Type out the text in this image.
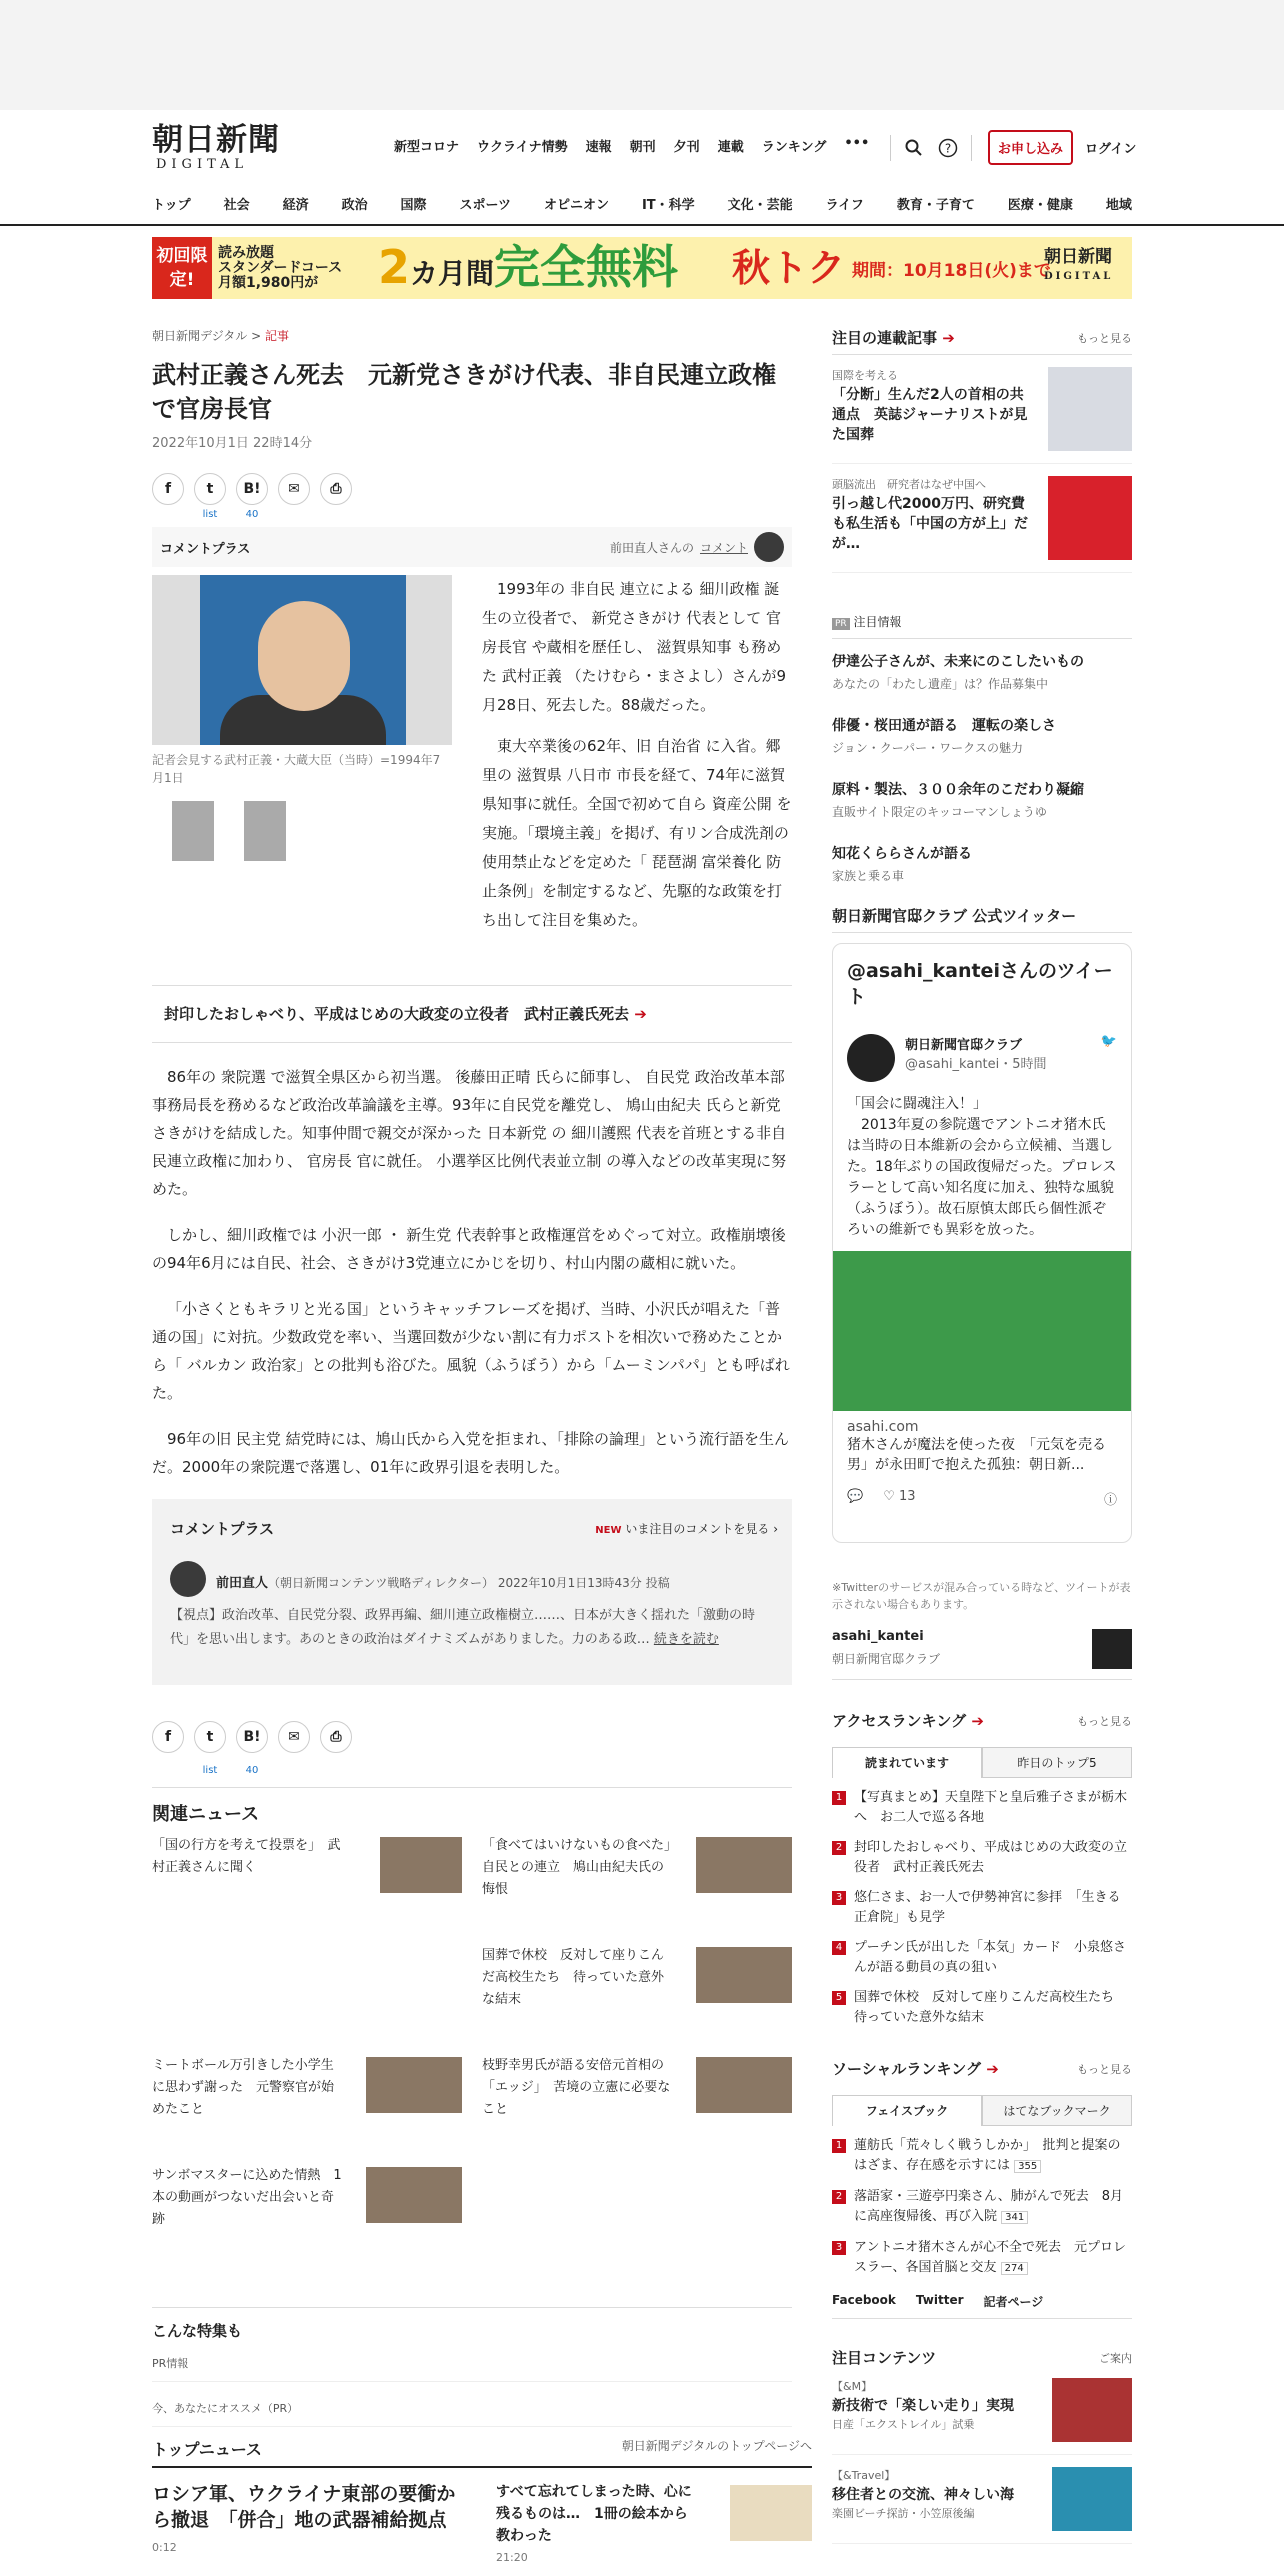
朝日新聞
DIGITAL
新型コロナ ウクライナ情勢 速報 朝刊 夕刊 連載 ランキング •••	?	お申し込み	ログイン
トップ	社会	経済	政治	国際	スポーツ	オピニオン	IT・科学	文化・芸能	ライフ	教育・子育て	医療・健康	地域
初回限定!
読み放題
スタンダードコース
月額1,980円が	2カ月間完全無料 秋トク 期間：10月18日(火)まで
朝日新聞
DIGITAL
朝日新聞デジタル > 記事
武村正義さん死去　元新党さきがけ代表、非自民連立政権で官房長官
2022年10月1日 22時14分
f	t
list
B!
40
✉	⎙
コメントプラス	前田直人さんの コメント
記者会見する武村正義・大蔵大臣（当時）=1994年7月1日

1993年の 非自民 連立による 細川政権 誕生の立役者で、 新党さきがけ 代表として 官房長官 や蔵相を歴任し、 滋賀県知事 も務めた 武村正義 （たけむら・まさよし）さんが9月28日、死去した。88歳だった。

東大卒業後の62年、旧 自治省 に入省。郷里の 滋賀県 八日市 市長を経て、74年に滋賀県知事に就任。全国で初めて自ら 資産公開 を実施。「環境主義」を掲げ、有リン合成洗剤の使用禁止などを定めた「 琵琶湖 富栄養化 防止条例」を制定するなど、先駆的な政策を打ち出して注目を集めた。

封印したおしゃべり、平成はじめの大政変の立役者　武村正義氏死去 ➔

86年の 衆院選 で滋賀全県区から初当選。 後藤田正晴 氏らに師事し、 自民党 政治改革本部事務局長を務めるなど政治改革論議を主導。93年に自民党を離党し、 鳩山由紀夫 氏らと新党さきがけを結成した。知事仲間で親交が深かった 日本新党 の 細川護熙 代表を首班とする非自民連立政権に加わり、 官房長 官に就任。 小選挙区比例代表並立制 の導入などの改革実現に努めた。

しかし、細川政権では 小沢一郎 ・ 新生党 代表幹事と政権運営をめぐって対立。政権崩壊後の94年6月には自民、社会、さきがけ3党連立にかじを切り、村山内閣の蔵相に就いた。

「小さくともキラリと光る国」というキャッチフレーズを掲げ、当時、小沢氏が唱えた「普通の国」に対抗。少数政党を率い、当選回数が少ない割に有力ポストを相次いで務めたことから「 バルカン 政治家」との批判も浴びた。風貌（ふうぼう）から「ムーミンパパ」とも呼ばれた。

96年の旧 民主党 結党時には、鳩山氏から入党を拒まれ、「排除の論理」という流行語を生んだ。2000年の衆院選で落選し、01年に政界引退を表明した。

コメントプラス	NEW いま注目のコメントを見る ›
前田直人（朝日新聞コンテンツ戦略ディレクター） 2022年10月1日13時43分 投稿
【視点】政治改革、自民党分裂、政界再編、細川連立政権樹立……、日本が大きく揺れた「激動の時代」を思い出します。あのときの政治はダイナミズムがありました。力のある政… 続きを読む
f	t
list
B!
40
✉	⎙
関連ニュース
「国の行方を考えて投票を」　武村正義さんに聞く
「食べてはいけないもの食べた」自民との連立　鳩山由紀夫氏の悔恨
国葬で休校　反対して座りこんだ高校生たち　待っていた意外な結末
ミートボール万引きした小学生に思わず謝った　元警察官が始めたこと
枝野幸男氏が語る安倍元首相の「エッジ」　苦境の立憲に必要なこと
サンボマスターに込めた情熱　1本の動画がつないだ出会いと奇跡
こんな特集も
PR情報
今、あなたにオススメ（PR）
トップニュース	朝日新聞デジタルのトップページへ
ロシア軍、ウクライナ東部の要衝から撤退　「併合」地の武器補給拠点
0:12
すべて忘れてしまった時、心に残るものは…　1冊の絵本から教わった
21:20
注目の連載記事 ➔	もっと見る
国際を考える
「分断」生んだ2人の首相の共通点　英誌ジャーナリストが見た国葬
頭脳流出　研究者はなぜ中国へ
引っ越し代2000万円、研究費も私生活も「中国の方が上」だが…
PR 注目情報
伊達公子さんが、未来にのこしたいもの
あなたの「わたし遺産」は？作品募集中
俳優・桜田通が語る　運転の楽しさ
ジョン・クーパー・ワークスの魅力
原料・製法、３００余年のこだわり凝縮
直販サイト限定のキッコーマンしょうゆ
知花くららさんが語る
家族と乗る車
朝日新聞官邸クラブ 公式ツイッター
@asahi_kanteiさんのツイート
朝日新聞官邸クラブ
@asahi_kantei・5時間
🐦
「国会に闘魂注入！」
　2013年夏の参院選でアントニオ猪木氏は当時の日本維新の会から立候補、当選した。18年ぶりの国政復帰だった。プロレスラーとして高い知名度に加え、独特な風貌（ふうぼう）。故石原慎太郎氏ら個性派ぞろいの維新でも異彩を放った。
asahi.com
猪木さんが魔法を使った夜　「元気を売る男」が永田町で抱えた孤独：朝日新...
💬 ♡ 13	ⓘ
※Twitterのサービスが混み合っている時など、ツイートが表示されない場合もあります。
asahi_kantei
朝日新聞官邸クラブ
アクセスランキング ➔	もっと見る
読まれています	昨日のトップ5
1 【写真まとめ】天皇陛下と皇后雅子さまが栃木へ　お二人で巡る各地
2 封印したおしゃべり、平成はじめの大政変の立役者　武村正義氏死去
3 悠仁さま、お一人で伊勢神宮に参拝　「生きる正倉院」も見学
4 プーチン氏が出した「本気」カード　小泉悠さんが語る動員の真の狙い
5 国葬で休校　反対して座りこんだ高校生たち　待っていた意外な結末
ソーシャルランキング ➔	もっと見る
フェイスブック	はてなブックマーク
1 蓮舫氏「荒々しく戦うしかか」　批判と提案のはざま、存在感を示すには 355
2 落語家・三遊亭円楽さん、肺がんで死去　8月に高座復帰後、再び入院 341
3 アントニオ猪木さんが心不全で死去　元プロレスラー、各国首脳と交友 274
Facebook Twitter 記者ページ
注目コンテンツ	ご案内
【&M】
新技術で「楽しい走り」実現
日産「エクストレイル」試乗
【&Travel】
移住者との交流、神々しい海
楽園ビーチ探訪・小笠原後編
